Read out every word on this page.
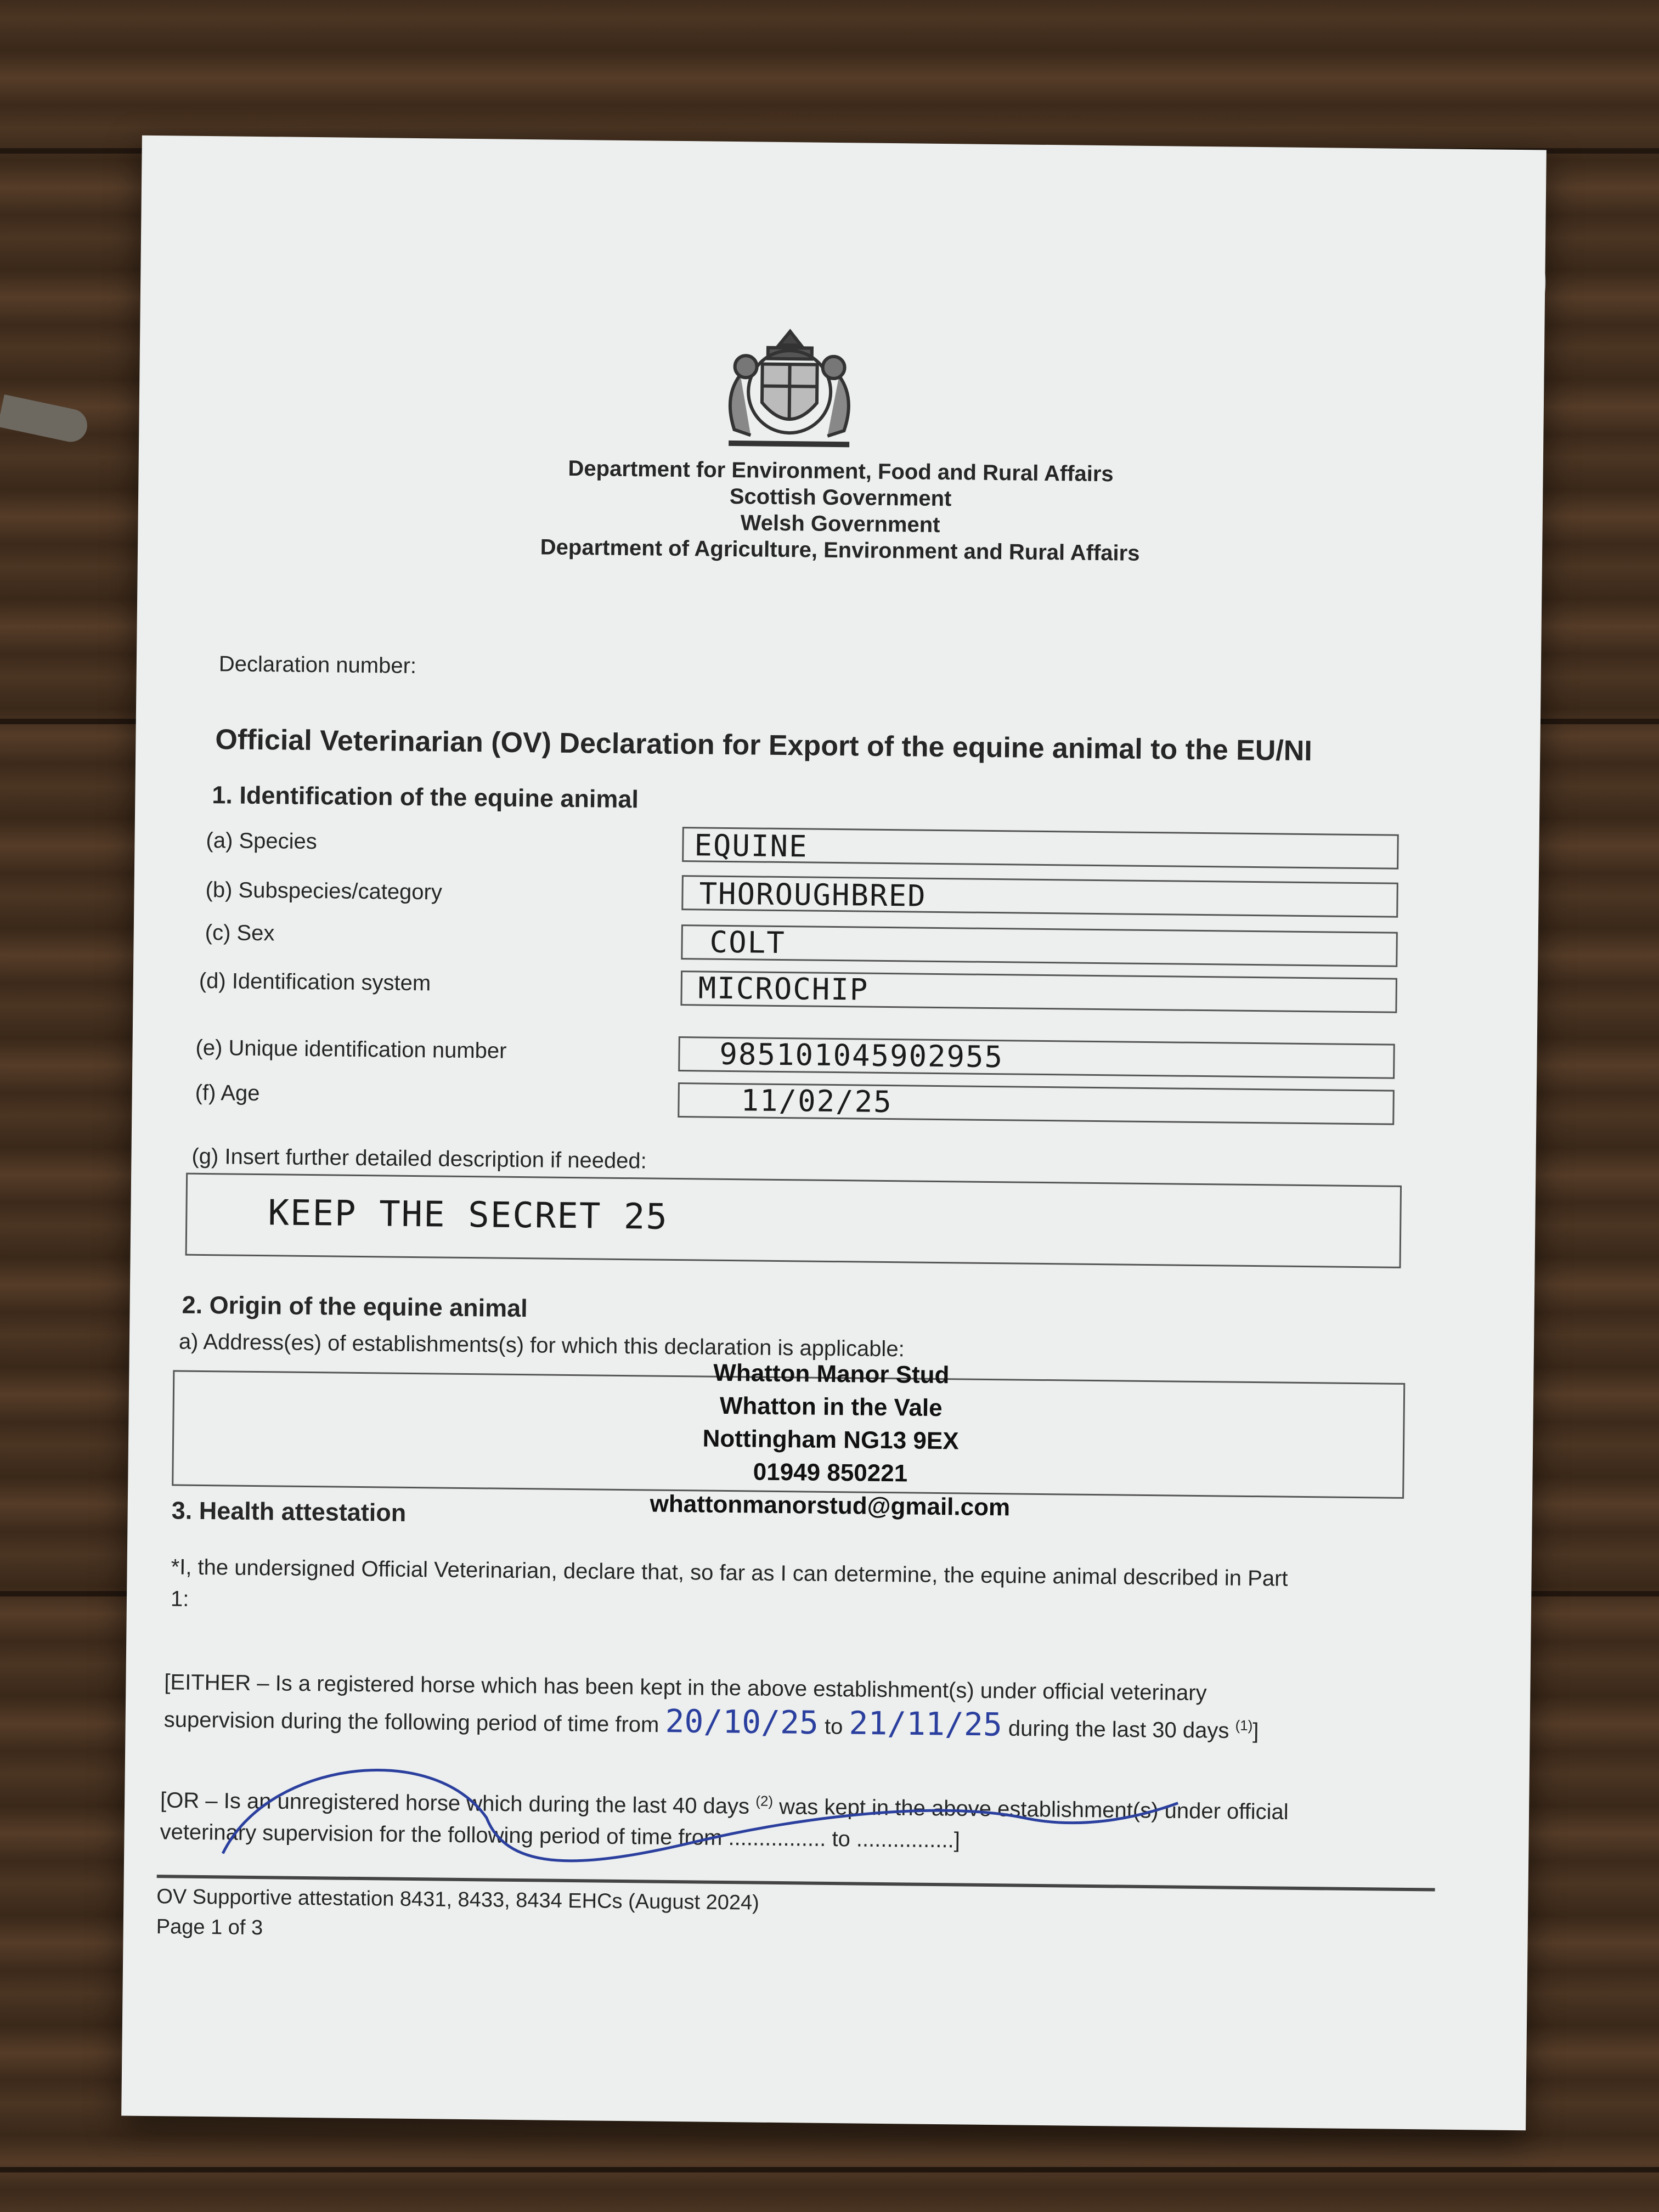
Department for Environment, Food and Rural Affairs
Scottish Government
Welsh Government
Department of Agriculture, Environment and Rural Affairs
Declaration number:
Official Veterinarian (OV) Declaration for Export of the equine animal to the EU/NI
1. Identification of the equine animal
(a) Species	EQUINE
(b) Subspecies/category	THOROUGHBRED
(c) Sex	COLT
(d) Identification system	MICROCHIP
(e) Unique identification number	985101045902955
(f) Age	11/02/25
(g) Insert further detailed description if needed:
KEEP THE SECRET 25
2. Origin of the equine animal
a) Address(es) of establishments(s) for which this declaration is applicable:
Whatton Manor Stud
Whatton in the Vale
Nottingham NG13 9EX
01949 850221
whattonmanorstud@gmail.com
3. Health attestation
*I, the undersigned Official Veterinarian, declare that, so far as I can determine, the equine animal described in Part
1:
[EITHER – Is a registered horse which has been kept in the above establishment(s) under official veterinary
supervision during the following period of time from 20/10/25 to 21/11/25 during the last 30 days $^{(1)}$]
[OR – Is an unregistered horse which during the last 40 days $^{(2)}$ was kept in the above establishment(s) under official
veterinary supervision for the following period of time from ................ to ................]
OV Supportive attestation 8431, 8433, 8434 EHCs (August 2024)
Page 1 of 3
